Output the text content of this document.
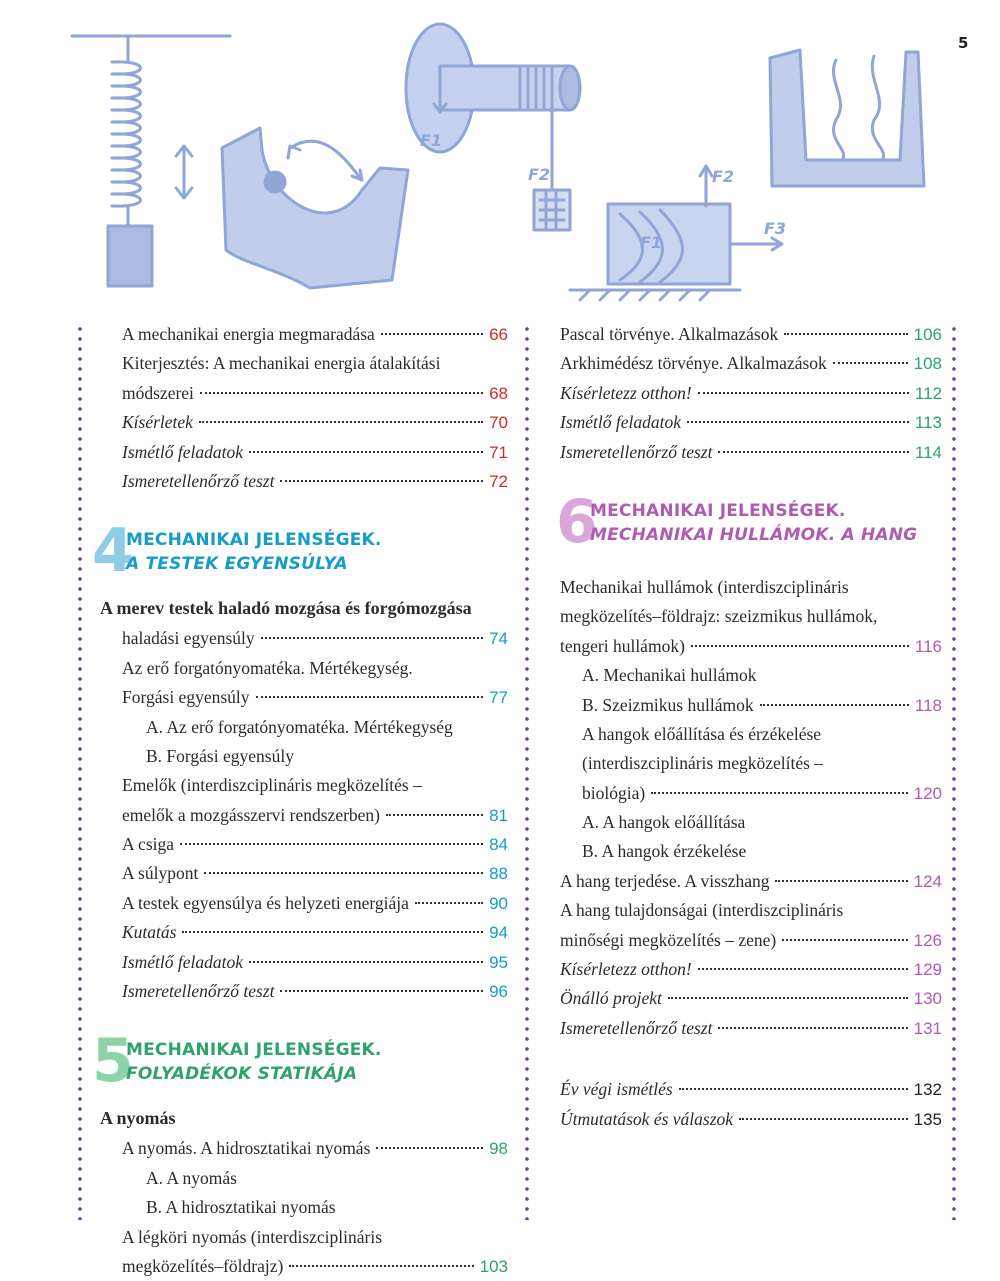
5
F1
F2
F1
F2
F3
A mechanikai energia megmaradása	66
Kiterjesztés: A mechanikai energia átalakítási
módszerei	68
Kísérletek	70
Ismétlő feladatok	71
Ismeretellenőrző teszt	72
4
MECHANIKAI JELENSÉGEK.
A TESTEK EGYENSÚLYA
A merev testek haladó mozgása és forgómozgása
haladási egyensúly	74
Az erő forgatónyomatéka. Mértékegység.
Forgási egyensúly	77
A. Az erő forgatónyomatéka. Mértékegység
B. Forgási egyensúly
Emelők (interdiszciplináris megközelítés –
emelők a mozgásszervi rendszerben)	81
A csiga	84
A súlypont	88
A testek egyensúlya és helyzeti energiája	90
Kutatás	94
Ismétlő feladatok	95
Ismeretellenőrző teszt	96
5
MECHANIKAI JELENSÉGEK.
FOLYADÉKOK STATIKÁJA
A nyomás
A nyomás. A hidrosztatikai nyomás	98
A. A nyomás
B. A hidrosztatikai nyomás
A légköri nyomás (interdiszciplináris
megközelítés–földrajz)	103
Pascal törvénye. Alkalmazások	106
Arkhimédész törvénye. Alkalmazások	108
Kísérletezz otthon!	112
Ismétlő feladatok	113
Ismeretellenőrző teszt	114
6
MECHANIKAI JELENSÉGEK.
MECHANIKAI HULLÁMOK. A HANG
Mechanikai hullámok (interdiszciplináris
megközelítés–földrajz: szeizmikus hullámok,
tengeri hullámok)	116
A. Mechanikai hullámok
B. Szeizmikus hullámok	118
A hangok előállítása és érzékelése
(interdiszciplináris megközelítés –
biológia)	120
A. A hangok előállítása
B. A hangok érzékelése
A hang terjedése. A visszhang	124
A hang tulajdonságai (interdiszciplináris
minőségi megközelítés – zene)	126
Kísérletezz otthon!	129
Önálló projekt	130
Ismeretellenőrző teszt	131
Év végi ismétlés	132
Útmutatások és válaszok	135
